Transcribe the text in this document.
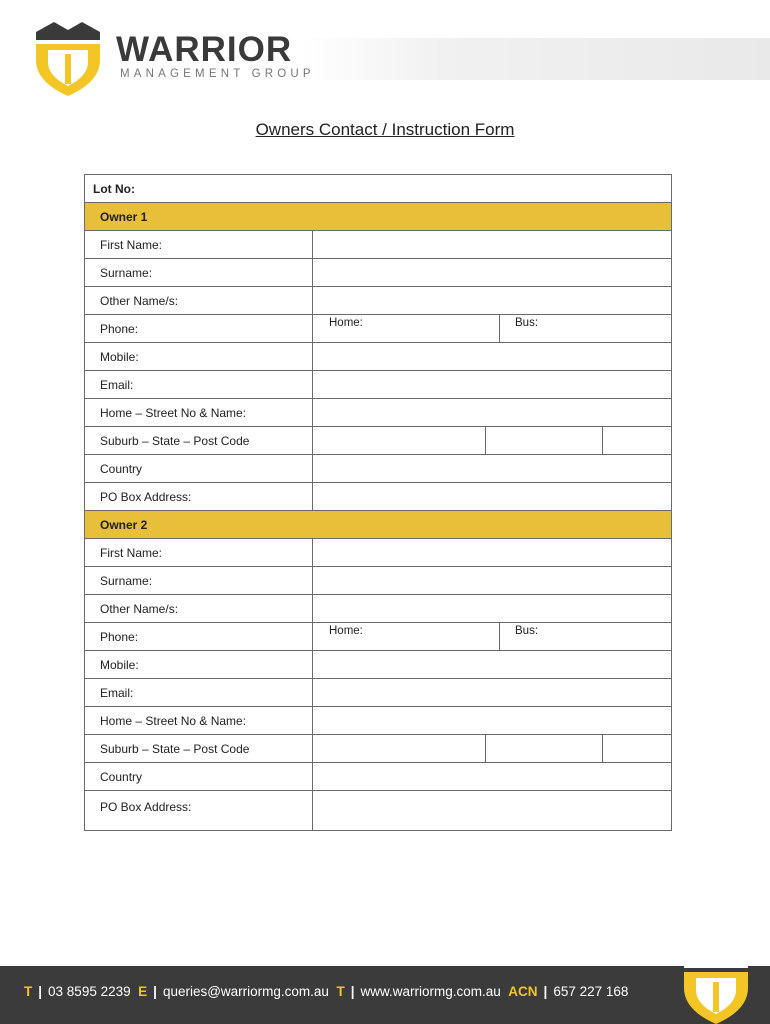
WARRIOR
MANAGEMENT GROUP
Owners Contact / Instruction Form
Lot No:
Owner 1
First Name:
Surname:
Other Name/s:
Phone:	Home:	Bus:
Mobile:
Email:
Home – Street No & Name:
Suburb – State – Post Code
Country
PO Box Address:
Owner 2
First Name:
Surname:
Other Name/s:
Phone:	Home:	Bus:
Mobile:
Email:
Home – Street No & Name:
Suburb – State – Post Code
Country
PO Box Address:
T | 03 8595 2239 E | queries@warriormg.com.au T | www.warriormg.com.au ACN | 657 227 168
